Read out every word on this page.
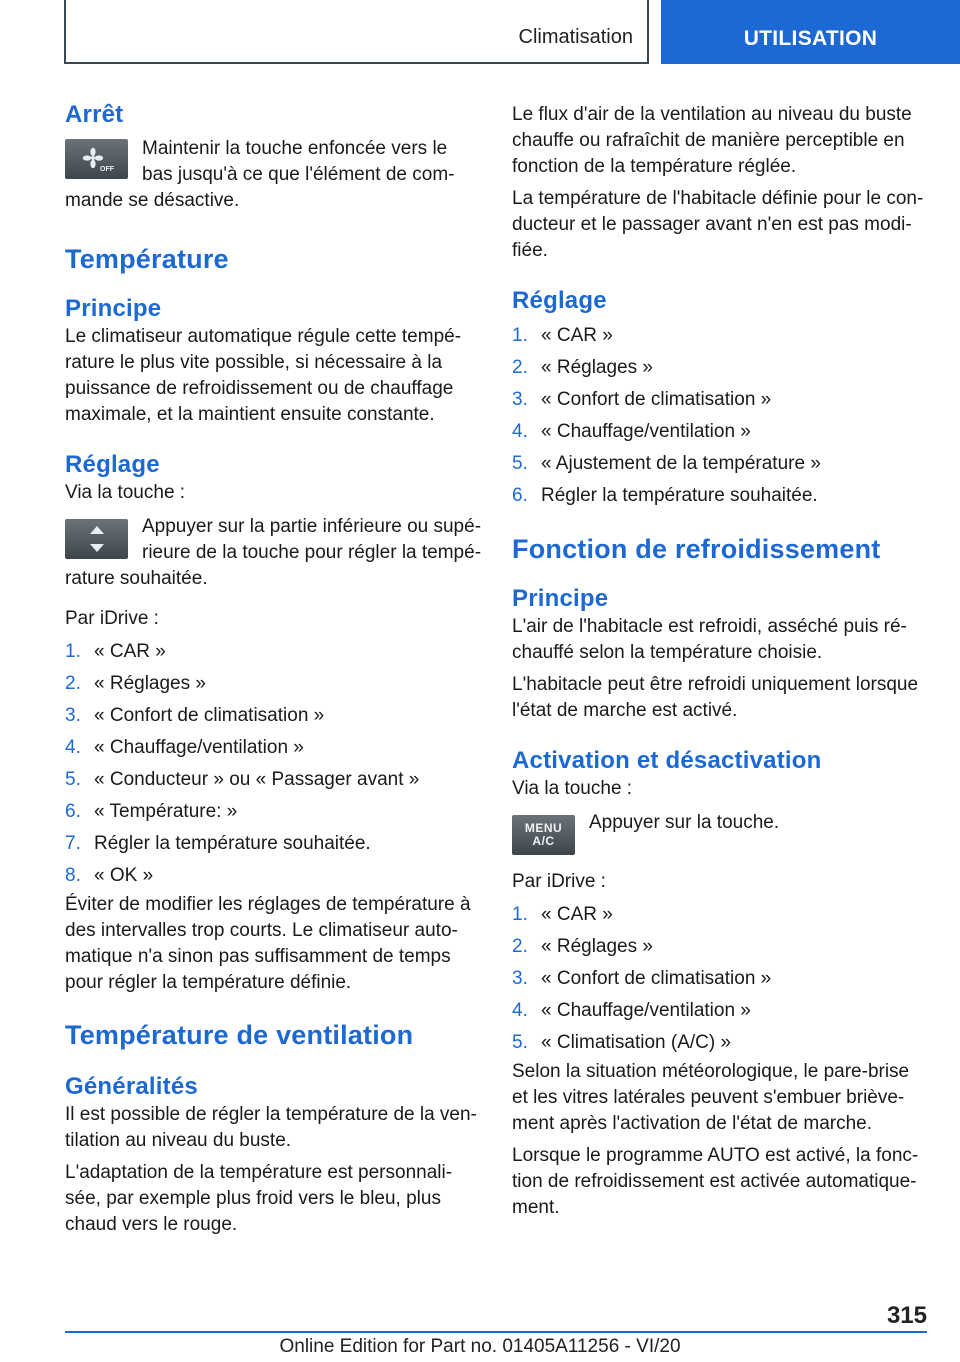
Climatisation	UTILISATION
Arrêt
OFF

Maintenir la touche enfoncée vers le bas jusqu'à ce que l'élément de com-mande se désactive.

Température
Principe

Le climatiseur automatique régule cette tempé-rature le plus vite possible, si nécessaire à la puissance de refroidissement ou de chauffage maximale, et la maintient ensuite constante.

Réglage

Via la touche :

Appuyer sur la partie inférieure ou supé-rieure de la touche pour régler la tempé-rature souhaitée.

Par iDrive :

1. « CAR »
2. « Réglages »
3. « Confort de climatisation »
4. « Chauffage/ventilation »
5. « Conducteur » ou « Passager avant »
6. « Température: »
7. Régler la température souhaitée.
8. « OK »

Éviter de modifier les réglages de température à des intervalles trop courts. Le climatiseur auto-matique n'a sinon pas suffisamment de temps pour régler la température définie.

Température de ventilation
Généralités

Il est possible de régler la température de la ven-tilation au niveau du buste.

L'adaptation de la température est personnali-sée, par exemple plus froid vers le bleu, plus chaud vers le rouge.

Le flux d'air de la ventilation au niveau du buste chauffe ou rafraîchit de manière perceptible en fonction de la température réglée.

La température de l'habitacle définie pour le con-ducteur et le passager avant n'en est pas modi-fiée.

Réglage
1. « CAR »
2. « Réglages »
3. « Confort de climatisation »
4. « Chauffage/ventilation »
5. « Ajustement de la température »
6. Régler la température souhaitée.
Fonction de refroidissement
Principe

L'air de l'habitacle est refroidi, asséché puis ré-chauffé selon la température choisie.

L'habitacle peut être refroidi uniquement lorsque l'état de marche est activé.

Activation et désactivation

Via la touche :

MENU
A/C

Appuyer sur la touche.

Par iDrive :

1. « CAR »
2. « Réglages »
3. « Confort de climatisation »
4. « Chauffage/ventilation »
5. « Climatisation (A/C) »

Selon la situation météorologique, le pare-brise et les vitres latérales peuvent s'embuer briève-ment après l'activation de l'état de marche.

Lorsque le programme AUTO est activé, la fonc-tion de refroidissement est activée automatique-ment.

315
Online Edition for Part no. 01405A11256 - VI/20
